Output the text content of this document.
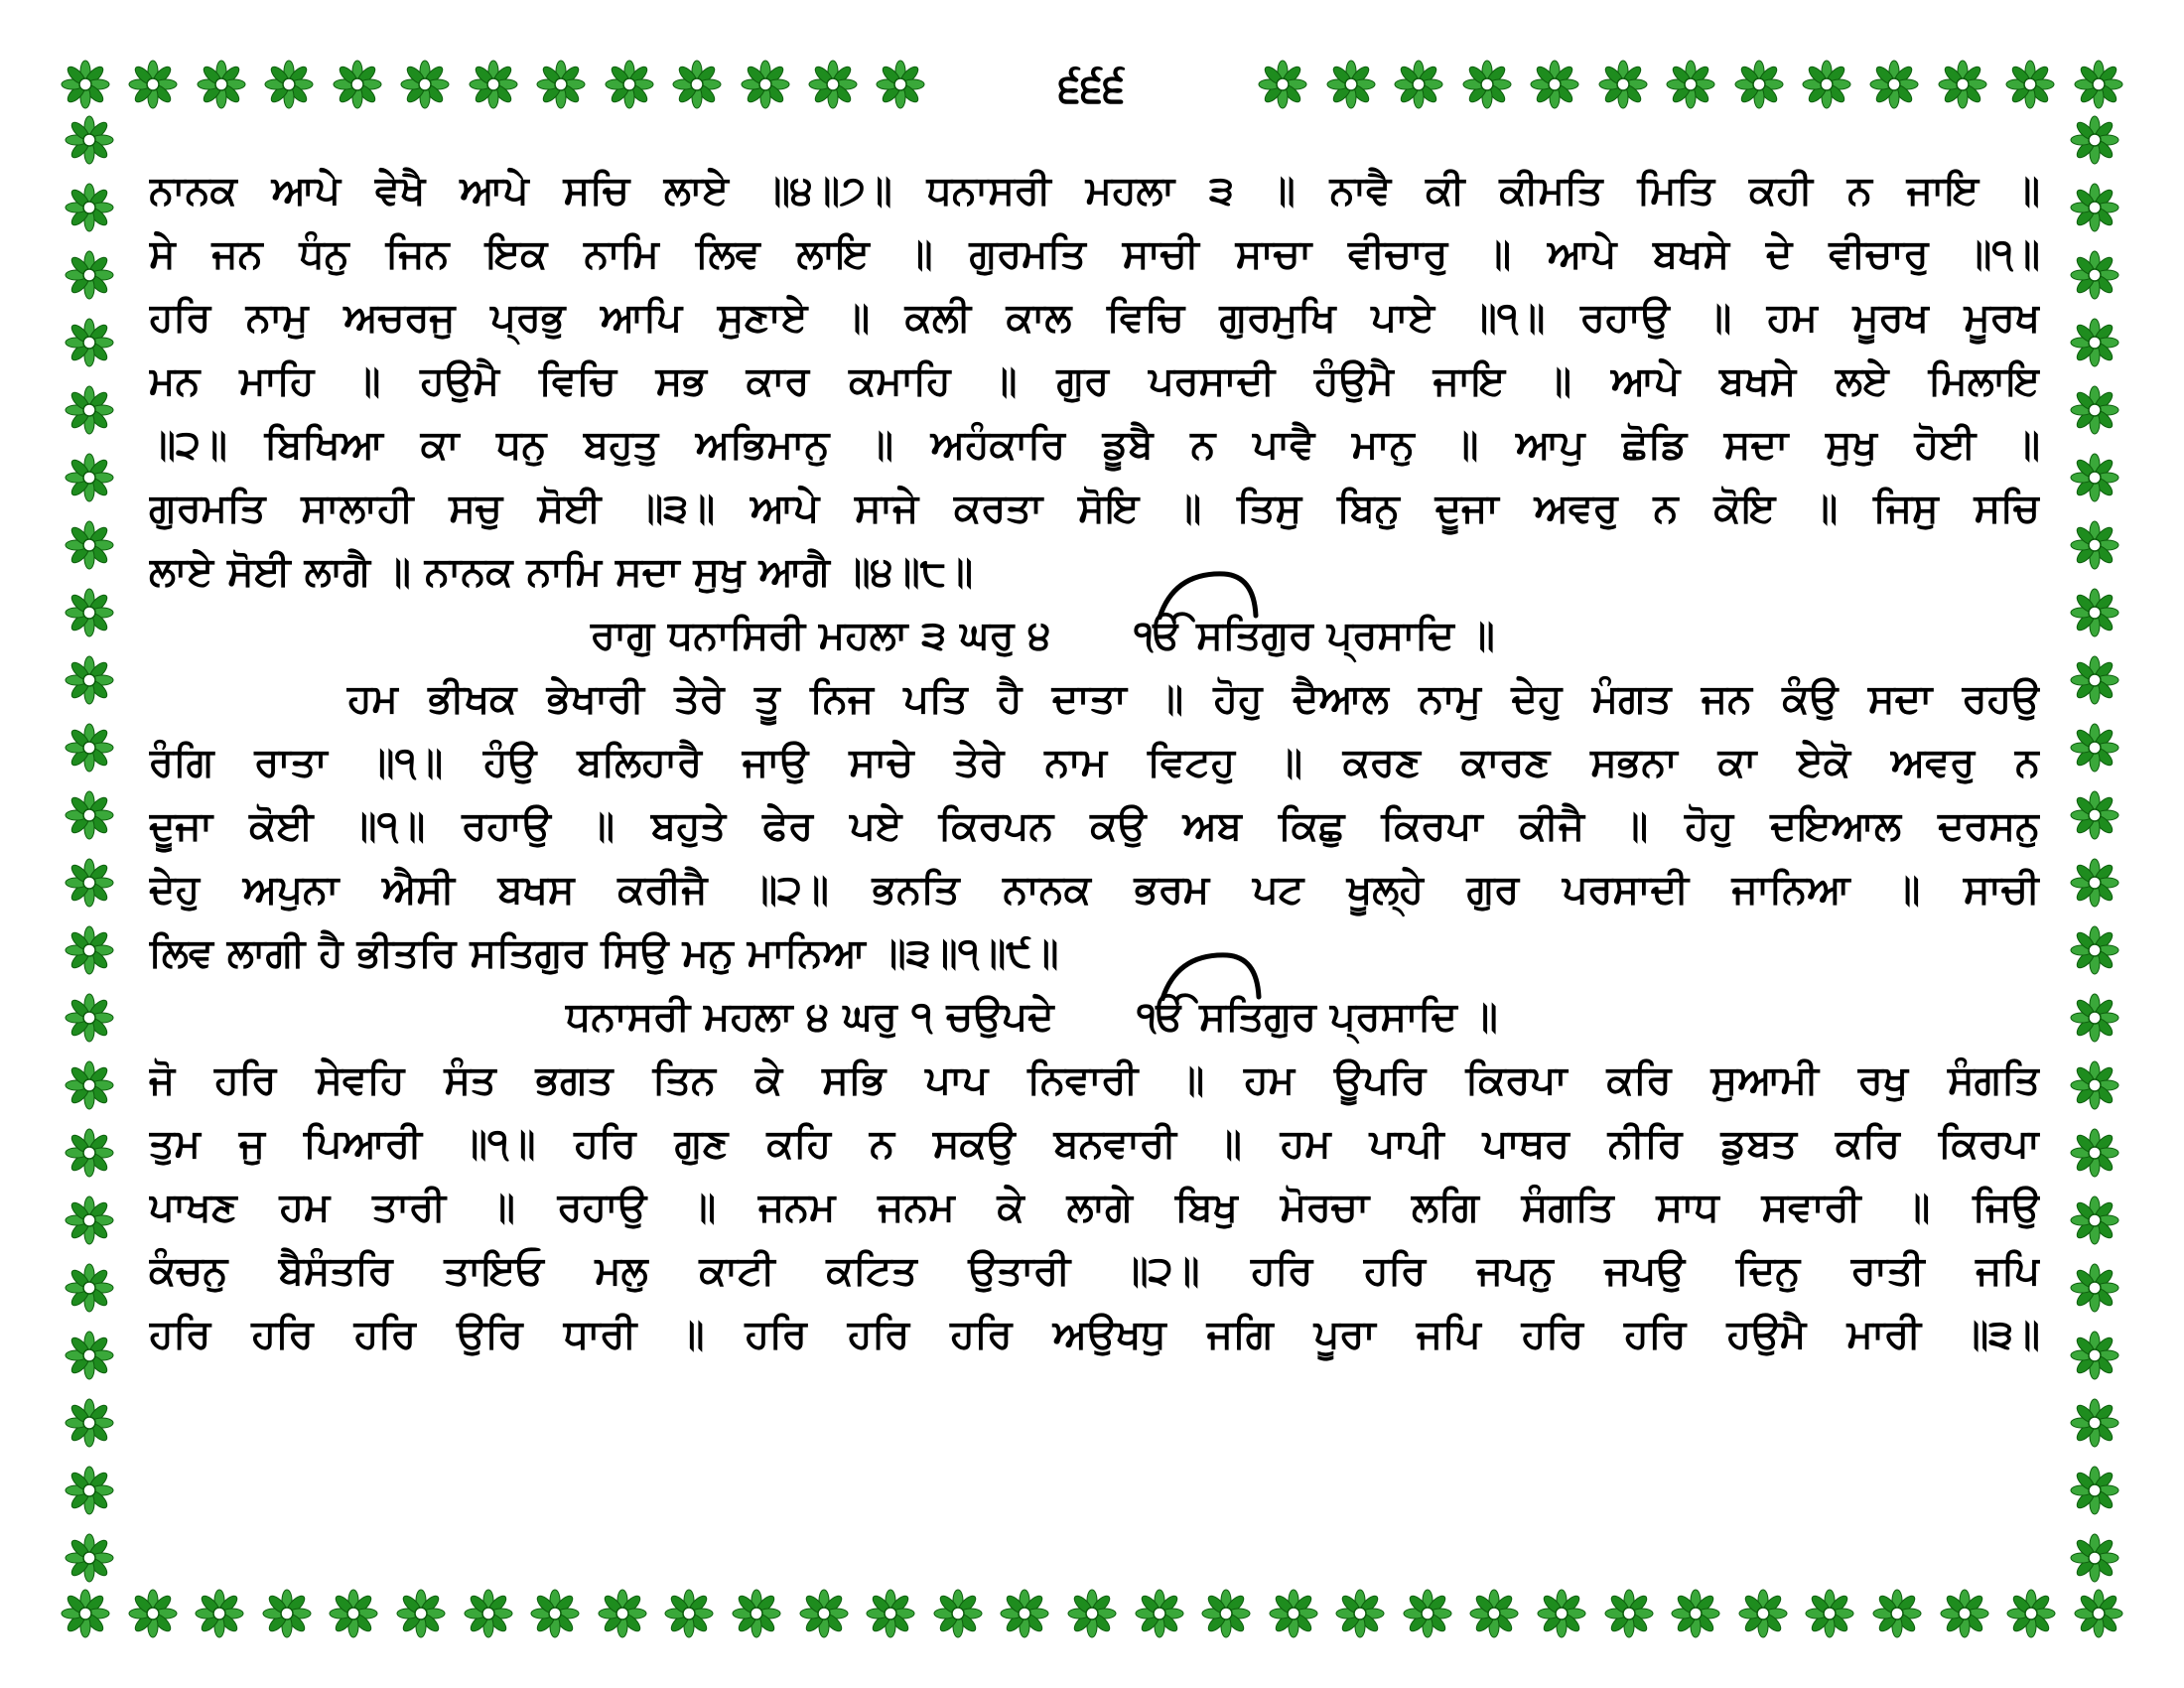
੬੬੬
ਨਾਨਕ ਆਪੇ ਵੇਖੈ ਆਪੇ ਸਚਿ ਲਾਏ ॥੪॥੭॥ ਧਨਾਸਰੀ ਮਹਲਾ ੩ ॥ ਨਾਵੈ ਕੀ ਕੀਮਤਿ ਮਿਤਿ ਕਹੀ ਨ ਜਾਇ ॥
ਸੇ ਜਨ ਧੰਨੁ ਜਿਨ ਇਕ ਨਾਮਿ ਲਿਵ ਲਾਇ ॥ ਗੁਰਮਤਿ ਸਾਚੀ ਸਾਚਾ ਵੀਚਾਰੁ ॥ ਆਪੇ ਬਖਸੇ ਦੇ ਵੀਚਾਰੁ ॥੧॥
ਹਰਿ ਨਾਮੁ ਅਚਰਜੁ ਪ੍ਰਭੁ ਆਪਿ ਸੁਣਾਏ ॥ ਕਲੀ ਕਾਲ ਵਿਚਿ ਗੁਰਮੁਖਿ ਪਾਏ ॥੧॥ ਰਹਾਉ ॥ ਹਮ ਮੂਰਖ ਮੂਰਖ
ਮਨ ਮਾਹਿ ॥ ਹਉਮੈ ਵਿਚਿ ਸਭ ਕਾਰ ਕਮਾਹਿ ॥ ਗੁਰ ਪਰਸਾਦੀ ਹੰਉਮੈ ਜਾਇ ॥ ਆਪੇ ਬਖਸੇ ਲਏ ਮਿਲਾਇ
॥੨॥ ਬਿਖਿਆ ਕਾ ਧਨੁ ਬਹੁਤੁ ਅਭਿਮਾਨੁ ॥ ਅਹੰਕਾਰਿ ਡੂਬੈ ਨ ਪਾਵੈ ਮਾਨੁ ॥ ਆਪੁ ਛੋਡਿ ਸਦਾ ਸੁਖੁ ਹੋਈ ॥
ਗੁਰਮਤਿ ਸਾਲਾਹੀ ਸਚੁ ਸੋਈ ॥੩॥ ਆਪੇ ਸਾਜੇ ਕਰਤਾ ਸੋਇ ॥ ਤਿਸੁ ਬਿਨੁ ਦੂਜਾ ਅਵਰੁ ਨ ਕੋਇ ॥ ਜਿਸੁ ਸਚਿ
ਲਾਏ ਸੋਈ ਲਾਗੈ ॥ ਨਾਨਕ ਨਾਮਿ ਸਦਾ ਸੁਖੁ ਆਗੈ ॥੪॥੮॥
ਰਾਗੁ ਧਨਾਸਿਰੀ ਮਹਲਾ ੩ ਘਰੁ ੪ ੴ ਸਤਿਗੁਰ ਪ੍ਰਸਾਦਿ ॥
ਹਮ ਭੀਖਕ ਭੇਖਾਰੀ ਤੇਰੇ ਤੂ ਨਿਜ ਪਤਿ ਹੈ ਦਾਤਾ ॥ ਹੋਹੁ ਦੈਆਲ ਨਾਮੁ ਦੇਹੁ ਮੰਗਤ ਜਨ ਕੰਉ ਸਦਾ ਰਹਉ
ਰੰਗਿ ਰਾਤਾ ॥੧॥ ਹੰਉ ਬਲਿਹਾਰੈ ਜਾਉ ਸਾਚੇ ਤੇਰੇ ਨਾਮ ਵਿਟਹੁ ॥ ਕਰਣ ਕਾਰਣ ਸਭਨਾ ਕਾ ਏਕੋ ਅਵਰੁ ਨ
ਦੂਜਾ ਕੋਈ ॥੧॥ ਰਹਾਉ ॥ ਬਹੁਤੇ ਫੇਰ ਪਏ ਕਿਰਪਨ ਕਉ ਅਬ ਕਿਛੁ ਕਿਰਪਾ ਕੀਜੈ ॥ ਹੋਹੁ ਦਇਆਲ ਦਰਸਨੁ
ਦੇਹੁ ਅਪੁਨਾ ਐਸੀ ਬਖਸ ਕਰੀਜੈ ॥੨॥ ਭਨਤਿ ਨਾਨਕ ਭਰਮ ਪਟ ਖੂਲ੍ਹੇ ਗੁਰ ਪਰਸਾਦੀ ਜਾਨਿਆ ॥ ਸਾਚੀ
ਲਿਵ ਲਾਗੀ ਹੈ ਭੀਤਰਿ ਸਤਿਗੁਰ ਸਿਉ ਮਨੁ ਮਾਨਿਆ ॥੩॥੧॥੯॥
ਧਨਾਸਰੀ ਮਹਲਾ ੪ ਘਰੁ ੧ ਚਉਪਦੇ ੴ ਸਤਿਗੁਰ ਪ੍ਰਸਾਦਿ ॥
ਜੋ ਹਰਿ ਸੇਵਹਿ ਸੰਤ ਭਗਤ ਤਿਨ ਕੇ ਸਭਿ ਪਾਪ ਨਿਵਾਰੀ ॥ ਹਮ ਊਪਰਿ ਕਿਰਪਾ ਕਰਿ ਸੁਆਮੀ ਰਖੁ ਸੰਗਤਿ
ਤੁਮ ਜੁ ਪਿਆਰੀ ॥੧॥ ਹਰਿ ਗੁਣ ਕਹਿ ਨ ਸਕਉ ਬਨਵਾਰੀ ॥ ਹਮ ਪਾਪੀ ਪਾਥਰ ਨੀਰਿ ਡੁਬਤ ਕਰਿ ਕਿਰਪਾ
ਪਾਖਣ ਹਮ ਤਾਰੀ ॥ ਰਹਾਉ ॥ ਜਨਮ ਜਨਮ ਕੇ ਲਾਗੇ ਬਿਖੁ ਮੋਰਚਾ ਲਗਿ ਸੰਗਤਿ ਸਾਧ ਸਵਾਰੀ ॥ ਜਿਉ
ਕੰਚਨੁ ਬੈਸੰਤਰਿ ਤਾਇਓ ਮਲੁ ਕਾਟੀ ਕਟਿਤ ਉਤਾਰੀ ॥੨॥ ਹਰਿ ਹਰਿ ਜਪਨੁ ਜਪਉ ਦਿਨੁ ਰਾਤੀ ਜਪਿ
ਹਰਿ ਹਰਿ ਹਰਿ ਉਰਿ ਧਾਰੀ ॥ ਹਰਿ ਹਰਿ ਹਰਿ ਅਉਖਧੁ ਜਗਿ ਪੂਰਾ ਜਪਿ ਹਰਿ ਹਰਿ ਹਉਮੈ ਮਾਰੀ ॥੩॥
